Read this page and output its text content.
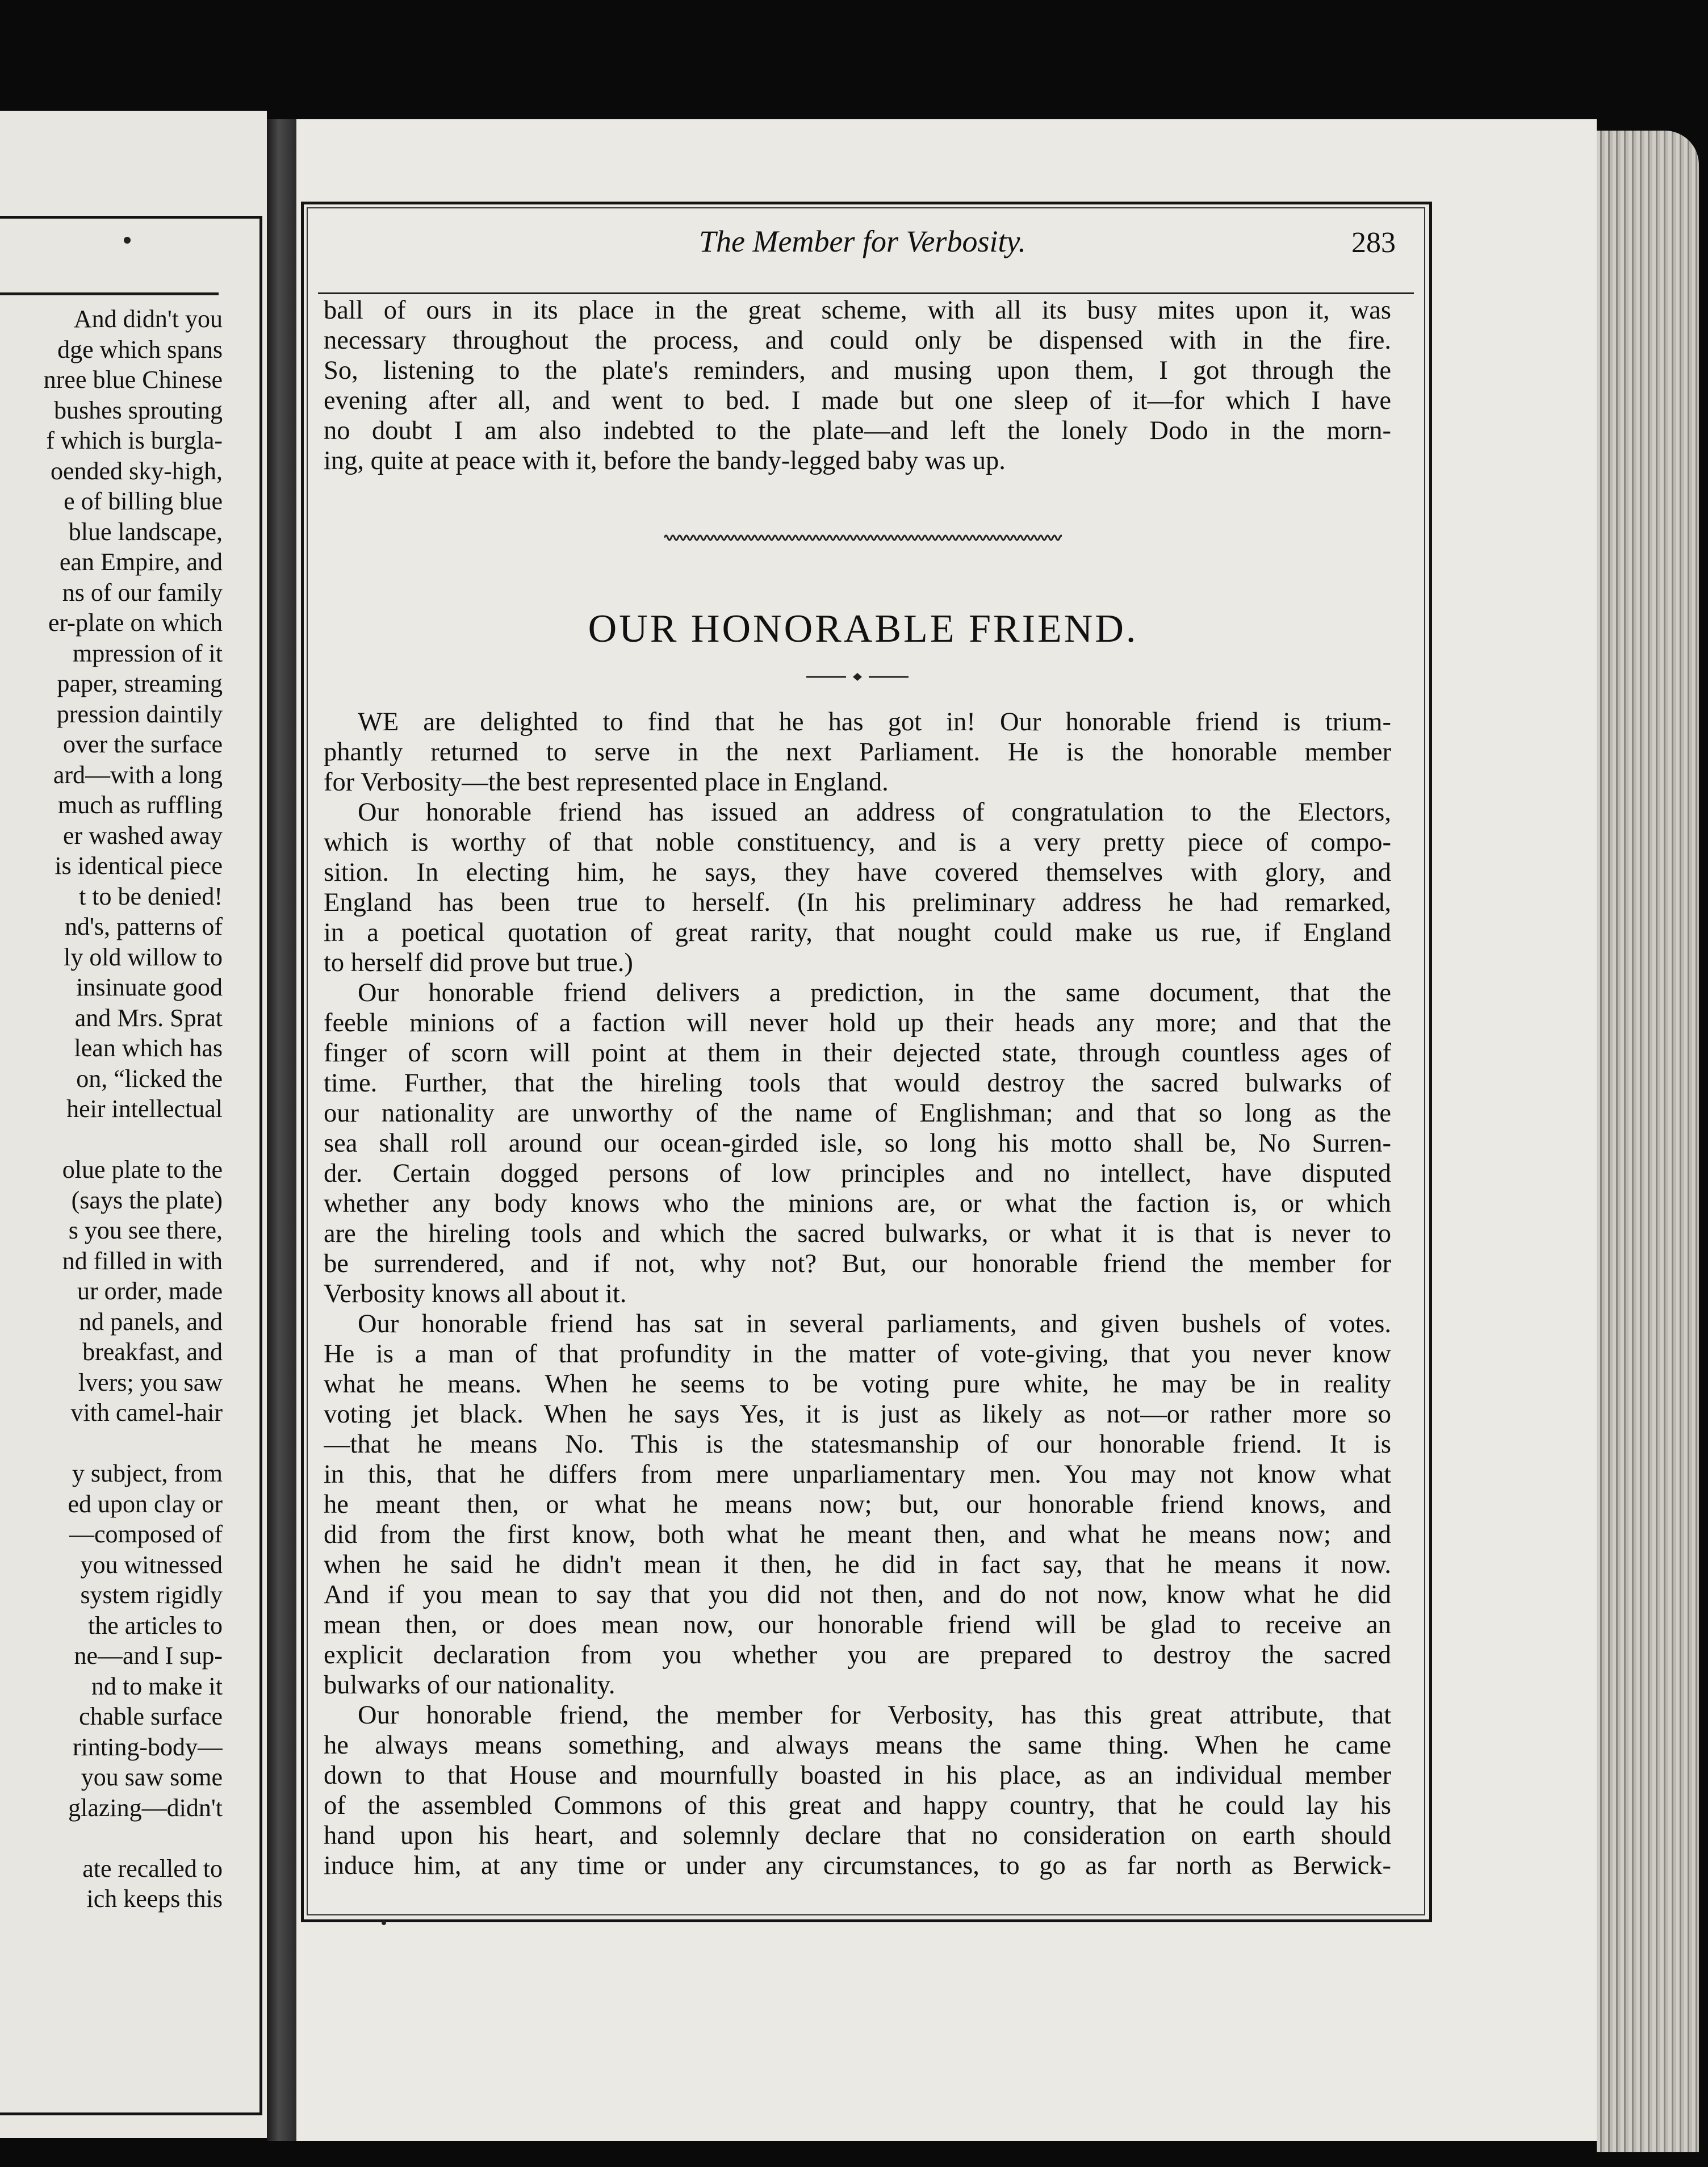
And didn't you
dge which spans
nree blue Chinese
bushes sprouting
f which is burgla-
oended sky-high,
e of billing blue
blue landscape,
ean Empire, and
ns of our family
er-plate on which
mpression of it
paper, streaming
pression daintily
over the surface
ard—with a long
much as ruffling
er washed away
is identical piece
t to be denied!
nd's, patterns of
ly old willow to
insinuate good
and Mrs. Sprat
lean which has
on, “licked the
heir intellectual
olue plate to the
(says the plate)
s you see there,
nd filled in with
ur order, made
nd panels, and
breakfast, and
lvers; you saw
vith camel-hair
y subject, from
ed upon clay or
—composed of
you witnessed
system rigidly
the articles to
ne—and I sup-
nd to make it
chable surface
rinting-body—
you saw some
glazing—didn't
ate recalled to
ich keeps this
The Member for Verbosity.	283
ball of ours in its place in the great scheme, with all its busy mites upon it, was
necessary throughout the process, and could only be dispensed with in the fire.
So, listening to the plate's reminders, and musing upon them, I got through the
evening after all, and went to bed. I made but one sleep of it—for which I have
no doubt I am also indebted to the plate—and left the lonely Dodo in the morn-
ing, quite at peace with it, before the bandy-legged baby was up.
OUR HONORABLE FRIEND.
WE are delighted to find that he has got in! Our honorable friend is trium-
phantly returned to serve in the next Parliament. He is the honorable member
for Verbosity—the best represented place in England.
Our honorable friend has issued an address of congratulation to the Electors,
which is worthy of that noble constituency, and is a very pretty piece of compo-
sition. In electing him, he says, they have covered themselves with glory, and
England has been true to herself. (In his preliminary address he had remarked,
in a poetical quotation of great rarity, that nought could make us rue, if England
to herself did prove but true.)
Our honorable friend delivers a prediction, in the same document, that the
feeble minions of a faction will never hold up their heads any more; and that the
finger of scorn will point at them in their dejected state, through countless ages of
time. Further, that the hireling tools that would destroy the sacred bulwarks of
our nationality are unworthy of the name of Englishman; and that so long as the
sea shall roll around our ocean-girded isle, so long his motto shall be, No Surren-
der. Certain dogged persons of low principles and no intellect, have disputed
whether any body knows who the minions are, or what the faction is, or which
are the hireling tools and which the sacred bulwarks, or what it is that is never to
be surrendered, and if not, why not? But, our honorable friend the member for
Verbosity knows all about it.
Our honorable friend has sat in several parliaments, and given bushels of votes.
He is a man of that profundity in the matter of vote-giving, that you never know
what he means. When he seems to be voting pure white, he may be in reality
voting jet black. When he says Yes, it is just as likely as not—or rather more so
—that he means No. This is the statesmanship of our honorable friend. It is
in this, that he differs from mere unparliamentary men. You may not know what
he meant then, or what he means now; but, our honorable friend knows, and
did from the first know, both what he meant then, and what he means now; and
when he said he didn't mean it then, he did in fact say, that he means it now.
And if you mean to say that you did not then, and do not now, know what he did
mean then, or does mean now, our honorable friend will be glad to receive an
explicit declaration from you whether you are prepared to destroy the sacred
bulwarks of our nationality.
Our honorable friend, the member for Verbosity, has this great attribute, that
he always means something, and always means the same thing. When he came
down to that House and mournfully boasted in his place, as an individual member
of the assembled Commons of this great and happy country, that he could lay his
hand upon his heart, and solemnly declare that no consideration on earth should
induce him, at any time or under any circumstances, to go as far north as Berwick-
